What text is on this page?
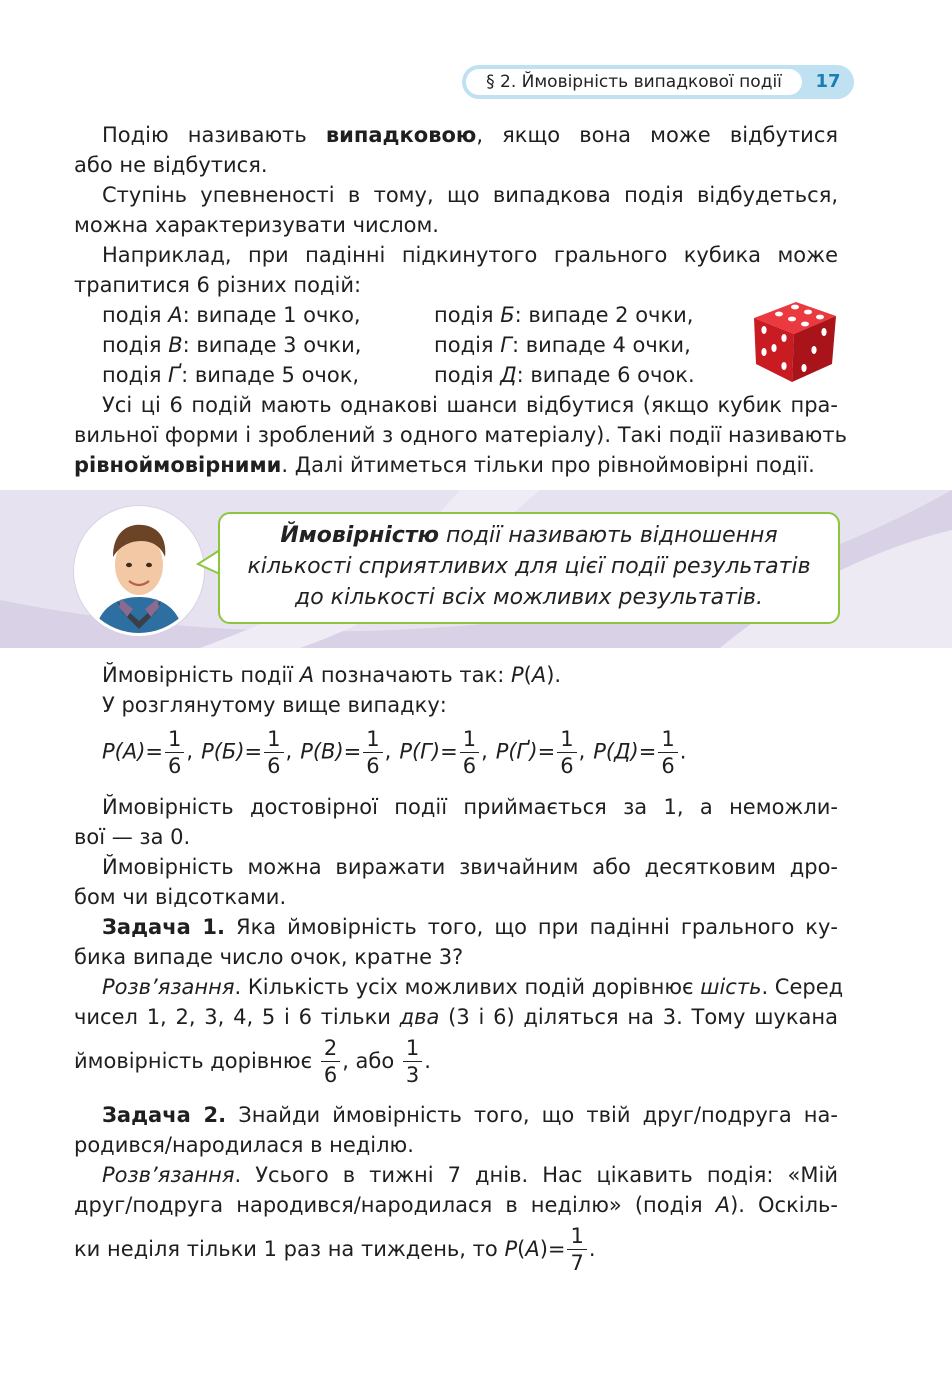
§ 2. Ймовірність випадкової події	17
Подію називають випадковою, якщо вона може відбутися
або не відбутися.
Ступінь упевненості в тому, що випадкова подія відбудеться,
можна характеризувати числом.
Наприклад, при падінні підкинутого грального кубика може
трапитися 6 різних подій:
подія А: випаде 1 очко,	подія Б: випаде 2 очки,
подія В: випаде 3 очки,	подія Г: випаде 4 очки,
подія Ґ: випаде 5 очок,	подія Д: випаде 6 очок.
Усі ці 6 подій мають однакові шанси відбутися (якщо кубик пра-
вильної форми і зроблений з одного матеріалу). Такі події називають
рівноймовірними. Далі йтиметься тільки про рівноймовірні події.
Ймовірністю події називають відношення
кількості сприятливих для цієї події результатів
до кількості всіх можливих результатів.
Ймовірність події А позначають так: P(А).
У розглянутому вище випадку:
$P(А)= \frac{1}{6}$ , $P(Б)= \frac{1}{6}$ , $P(В)= \frac{1}{6}$ , $P(Г)= \frac{1}{6}$ , $P(Ґ)= \frac{1}{6}$ , $P(Д)= \frac{1}{6}$ .
Ймовірність достовірної події приймається за 1, а неможли-
вої — за 0.
Ймовірність можна виражати звичайним або десятковим дро-
бом чи відсотками.
Задача 1. Яка ймовірність того, що при падінні грального ку-
бика випаде число очок, кратне 3?
Розв’язання. Кількість усіх можливих подій дорівнює шість. Серед
чисел 1, 2, 3, 4, 5 і 6 тільки два (3 і 6) діляться на 3. Тому шукана
ймовірність дорівнює
$\frac{2}{6}$ , або
$\frac{1}{3}$ .
Задача 2. Знайди ймовірність того, що твій друг/подруга на-
родився/народилася в неділю.
Розв’язання. Усього в тижні 7 днів. Нас цікавить подія: «Мій
друг/подруга народився/народилася в неділю» (подія А). Оскіль-
ки неділя тільки 1 раз на тиждень, то
P ( A )= $\frac{1}{7}$ .
